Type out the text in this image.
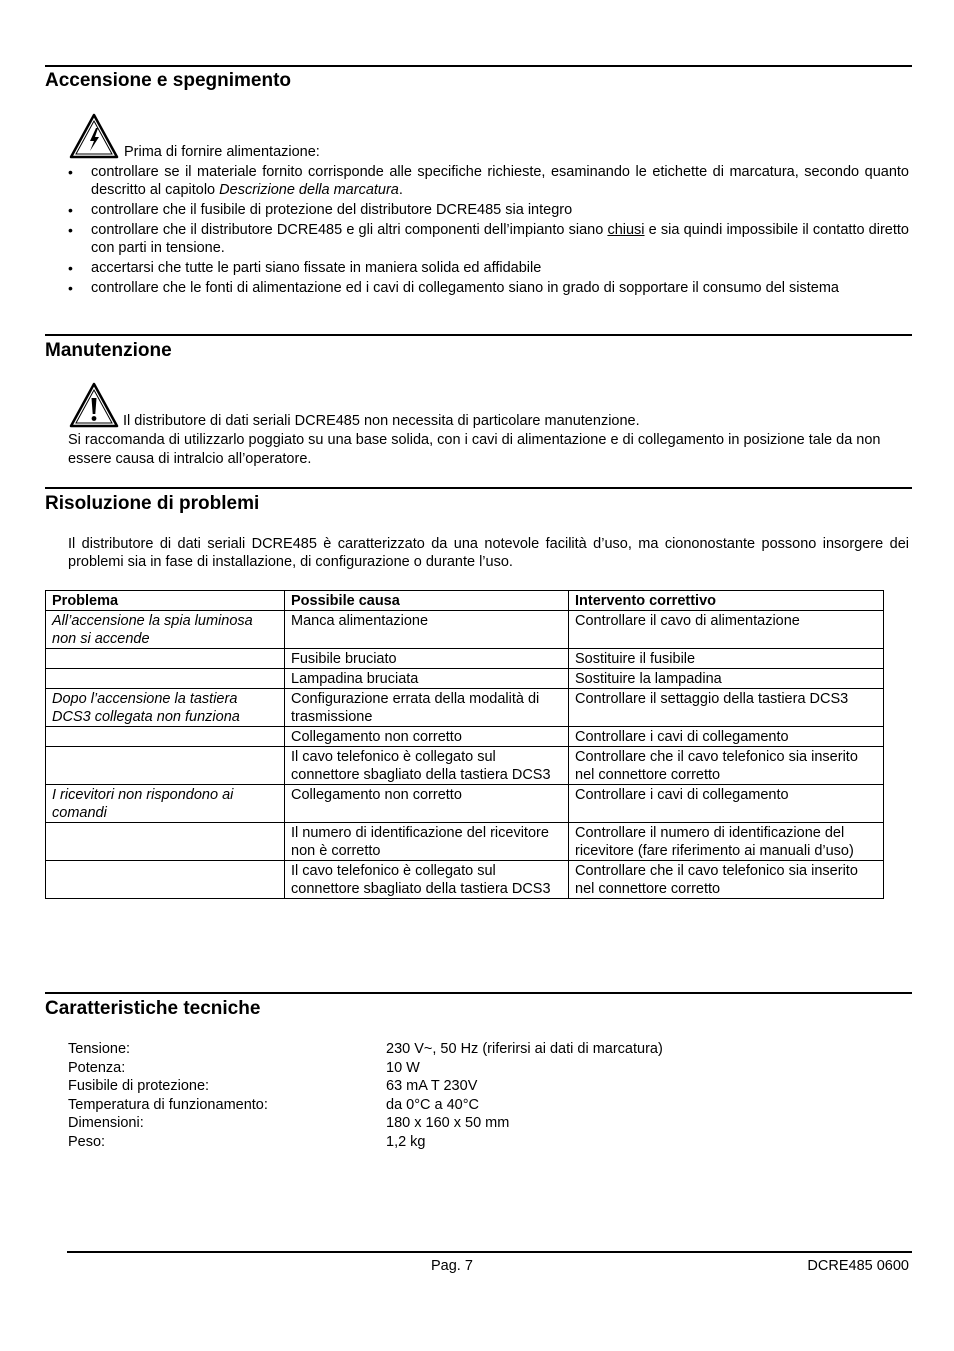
Accensione e spegnimento
Prima di fornire alimentazione:
• controllare se il materiale fornito corrisponde alle specifiche richieste, esaminando le etichette di marcatura, secondo quanto descritto al capitolo Descrizione della marcatura.
• controllare che il fusibile di protezione del distributore DCRE485 sia integro
• controllare che il distributore DCRE485 e gli altri componenti dell’impianto siano chiusi e sia quindi impossibile il contatto diretto con parti in tensione.
• accertarsi che tutte le parti siano fissate in maniera solida ed affidabile
• controllare che le fonti di alimentazione ed i cavi di collegamento siano in grado di sopportare il consumo del sistema
Manutenzione
Il distributore di dati seriali DCRE485 non necessita di particolare manutenzione.
Si raccomanda di utilizzarlo poggiato su una base solida, con i cavi di alimentazione e di collegamento in posizione tale da non essere causa di intralcio all’operatore.
Risoluzione di problemi
Il distributore di dati seriali DCRE485 è caratterizzato da una notevole facilità d’uso, ma ciononostante possono insorgere dei problemi sia in fase di installazione, di configurazione o durante l’uso.
Problema	Possibile causa	Intervento correttivo
All’accensione la spia luminosa non si accende	Manca alimentazione	Controllare il cavo di alimentazione
	Fusibile bruciato	Sostituire il fusibile
	Lampadina bruciata	Sostituire la lampadina
Dopo l’accensione la tastiera DCS3 collegata non funziona	Configurazione errata della modalità di trasmissione	Controllare il settaggio della tastiera DCS3
	Collegamento non corretto	Controllare i cavi di collegamento
	Il cavo telefonico è collegato sul connettore sbagliato della tastiera DCS3	Controllare che il cavo telefonico sia inserito nel connettore corretto
I ricevitori non rispondono ai comandi	Collegamento non corretto	Controllare i cavi di collegamento
	Il numero di identificazione del ricevitore non è corretto	Controllare il numero di identificazione del ricevitore (fare riferimento ai manuali d’uso)
	Il cavo telefonico è collegato sul connettore sbagliato della tastiera DCS3	Controllare che il cavo telefonico sia inserito nel connettore corretto
Caratteristiche tecniche
Tensione:	230 V~, 50 Hz (riferirsi ai dati di marcatura)
Potenza:	10 W
Fusibile di protezione:	63 mA T 230V
Temperatura di funzionamento:	da 0°C a 40°C
Dimensioni:	180 x 160 x 50 mm
Peso:	1,2 kg
Pag. 7	DCRE485 0600
